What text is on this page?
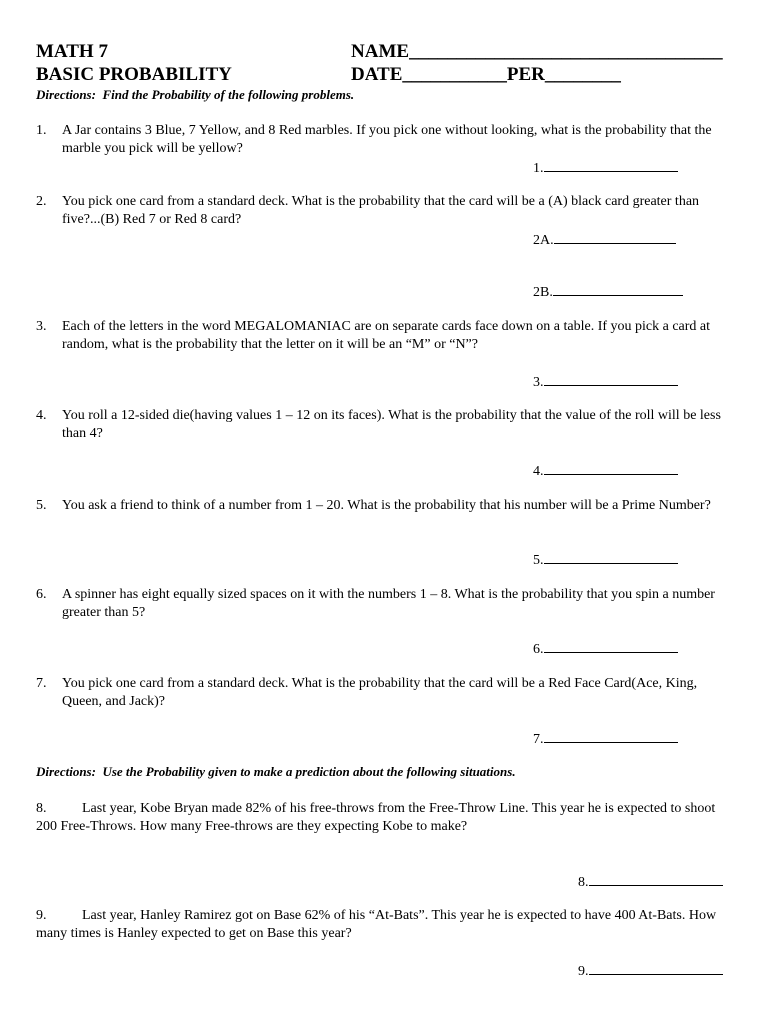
MATH 7
BASIC PROBABILITY
NAME_________________________________
DATE___________PER________
Directions:  Find the Probability of the following problems.
1. A Jar contains 3 Blue, 7 Yellow, and 8 Red marbles. If you pick one without looking, what is the probability that the marble you pick will be yellow?
1.
2. You pick one card from a standard deck. What is the probability that the card will be a (A) black card greater than five?...(B) Red 7 or Red 8 card?
2A.
2B.
3. Each of the letters in the word MEGALOMANIAC are on separate cards face down on a table. If you pick a card at random, what is the probability that the letter on it will be an “M” or “N”?
3.
4. You roll a 12-sided die(having values 1 – 12 on its faces). What is the probability that the value of the roll will be less than 4?
4.
5. You ask a friend to think of a number from 1 – 20. What is the probability that his number will be a Prime Number?
5.
6. A spinner has eight equally sized spaces on it with the numbers 1 – 8. What is the probability that you spin a number greater than 5?
6.
7. You pick one card from a standard deck. What is the probability that the card will be a Red Face Card(Ace, King, Queen, and Jack)?
7.
Directions:  Use the Probability given to make a prediction about the following situations.
8.	Last year, Kobe Bryan made 82% of his free-throws from the Free-Throw Line. This year he is expected to shoot 200 Free-Throws. How many Free-throws are they expecting Kobe to make?
8.
9.	Last year, Hanley Ramirez got on Base 62% of his “At-Bats”. This year he is expected to have 400 At-Bats. How many times is Hanley expected to get on Base this year?
9.
